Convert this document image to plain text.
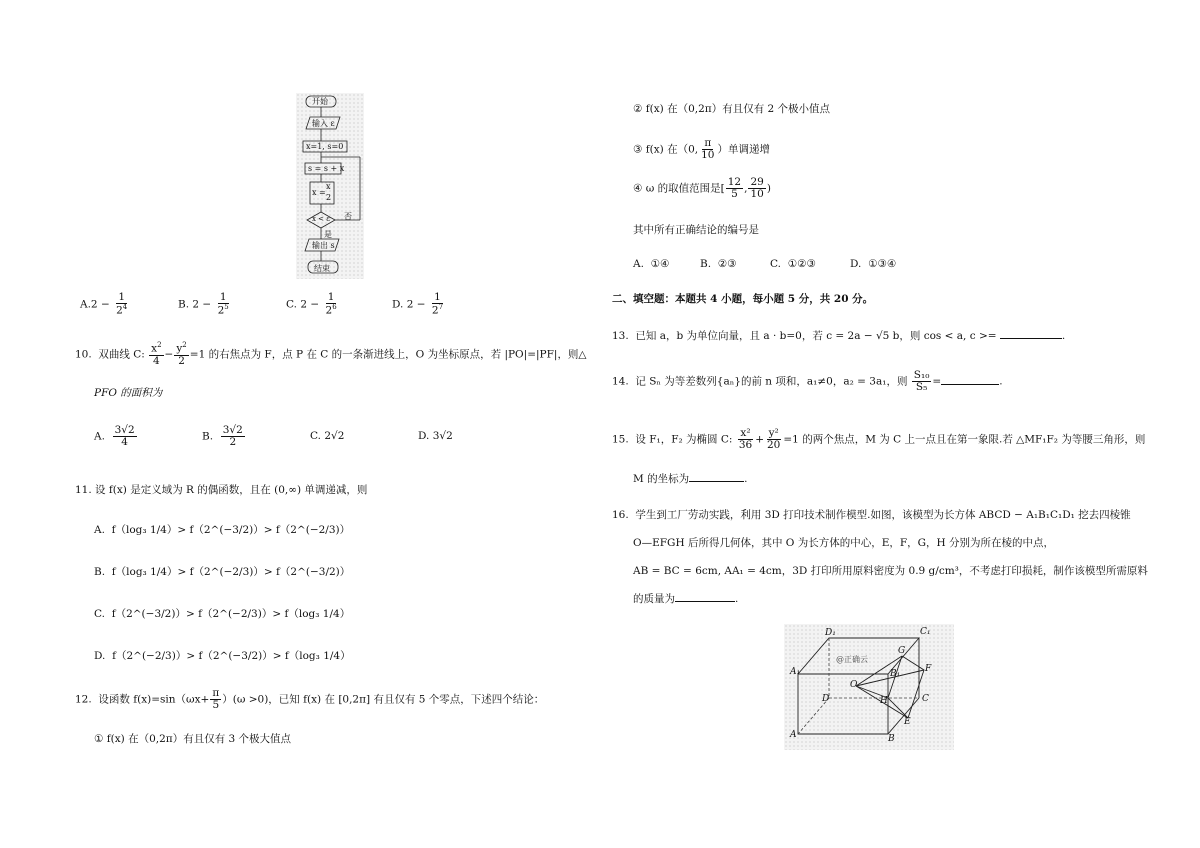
开始
输入 ε
x=1, s=0
s = s + x
x =
x
2
x < ε 否
是
输出 s
结束
$A.2 - \frac{1}{2^4}$	B. $2 - \frac{1}{2^5}$	C. $2 - \frac{1}{2^6}$	D. $2 - \frac{1}{2^7}$
10. 双曲线 C: $\frac{x^2}{4} - \frac{y^2}{2} =1$ 的右焦点为 F，点 P 在 C 的一条渐进线上，O 为坐标原点，若 |PO|=|PF|，则△
PFO 的面积为
A. $\frac{3√2}{4}$	B. $\frac{3√2}{2}$	C. 2√2	D. 3√2
11. 设 f(x) 是定义域为 R 的偶函数，且在 (0,∞) 单调递减，则
A. f（log₃ 1/4）> f（2^(−3/2)）> f（2^(−2/3)）
B. f（log₃ 1/4）> f（2^(−2/3)）> f（2^(−3/2)）
C. f（2^(−3/2)）> f（2^(−2/3)）> f（log₃ 1/4）
D. f（2^(−2/3)）> f（2^(−3/2)）> f（log₃ 1/4）
12. 设函数 $f(x)=\sin(\omega x+ \frac{\pi}{5} )(\omega >0)$，已知 f(x) 在 [0,2π] 有且仅有 5 个零点，下述四个结论：
① f(x) 在（0,2π）有且仅有 3 个极大值点
② f(x) 在（0,2π）有且仅有 2 个极小值点
③ f(x) 在（0, $\frac{\pi}{10}$ ）单调递增
④ ω 的取值范围是[ $\frac{12}{5}$ , $\frac{29}{10}$ )
其中所有正确结论的编号是
A. ①④	B. ②③	C. ①②③	D. ①③④
二、填空题：本题共 4 小题，每小题 5 分，共 20 分。
13. 已知 a，b 为单位向量，且 a · b=0，若 c = 2a − √5 b，则 cos < a, c >=	.
14. 记 Sₙ 为等差数列{aₙ}的前 n 项和，a₁≠0，a₂ = 3a₁，则 $\frac{\text{S₁₀}}{\text{S₅}}$ =	.
15. 设 F₁，F₂ 为椭圆 C: $\frac{\text{x²}}{36} + \frac{\text{y²}}{20} =1$ 的两个焦点，M 为 C 上一点且在第一象限.若 △MF₁F₂ 为等腰三角形，则
M 的坐标为	.
16. 学生到工厂劳动实践，利用 3D 打印技术制作模型.如图，该模型为长方体 ABCD − A₁B₁C₁D₁ 挖去四棱锥
O—EFGH 后所得几何体，其中 O 为长方体的中心，E，F，G，H 分别为所在棱的中点，
AB = BC = 6cm, AA₁ = 4cm，3D 打印所用原料密度为 0.9 g/cm³，不考虑打印损耗，制作该模型所需原料
的质量为	.
D₁	C₁
A₁	B₁
G
F
O
D	H	C
E
A	B
@正确云
